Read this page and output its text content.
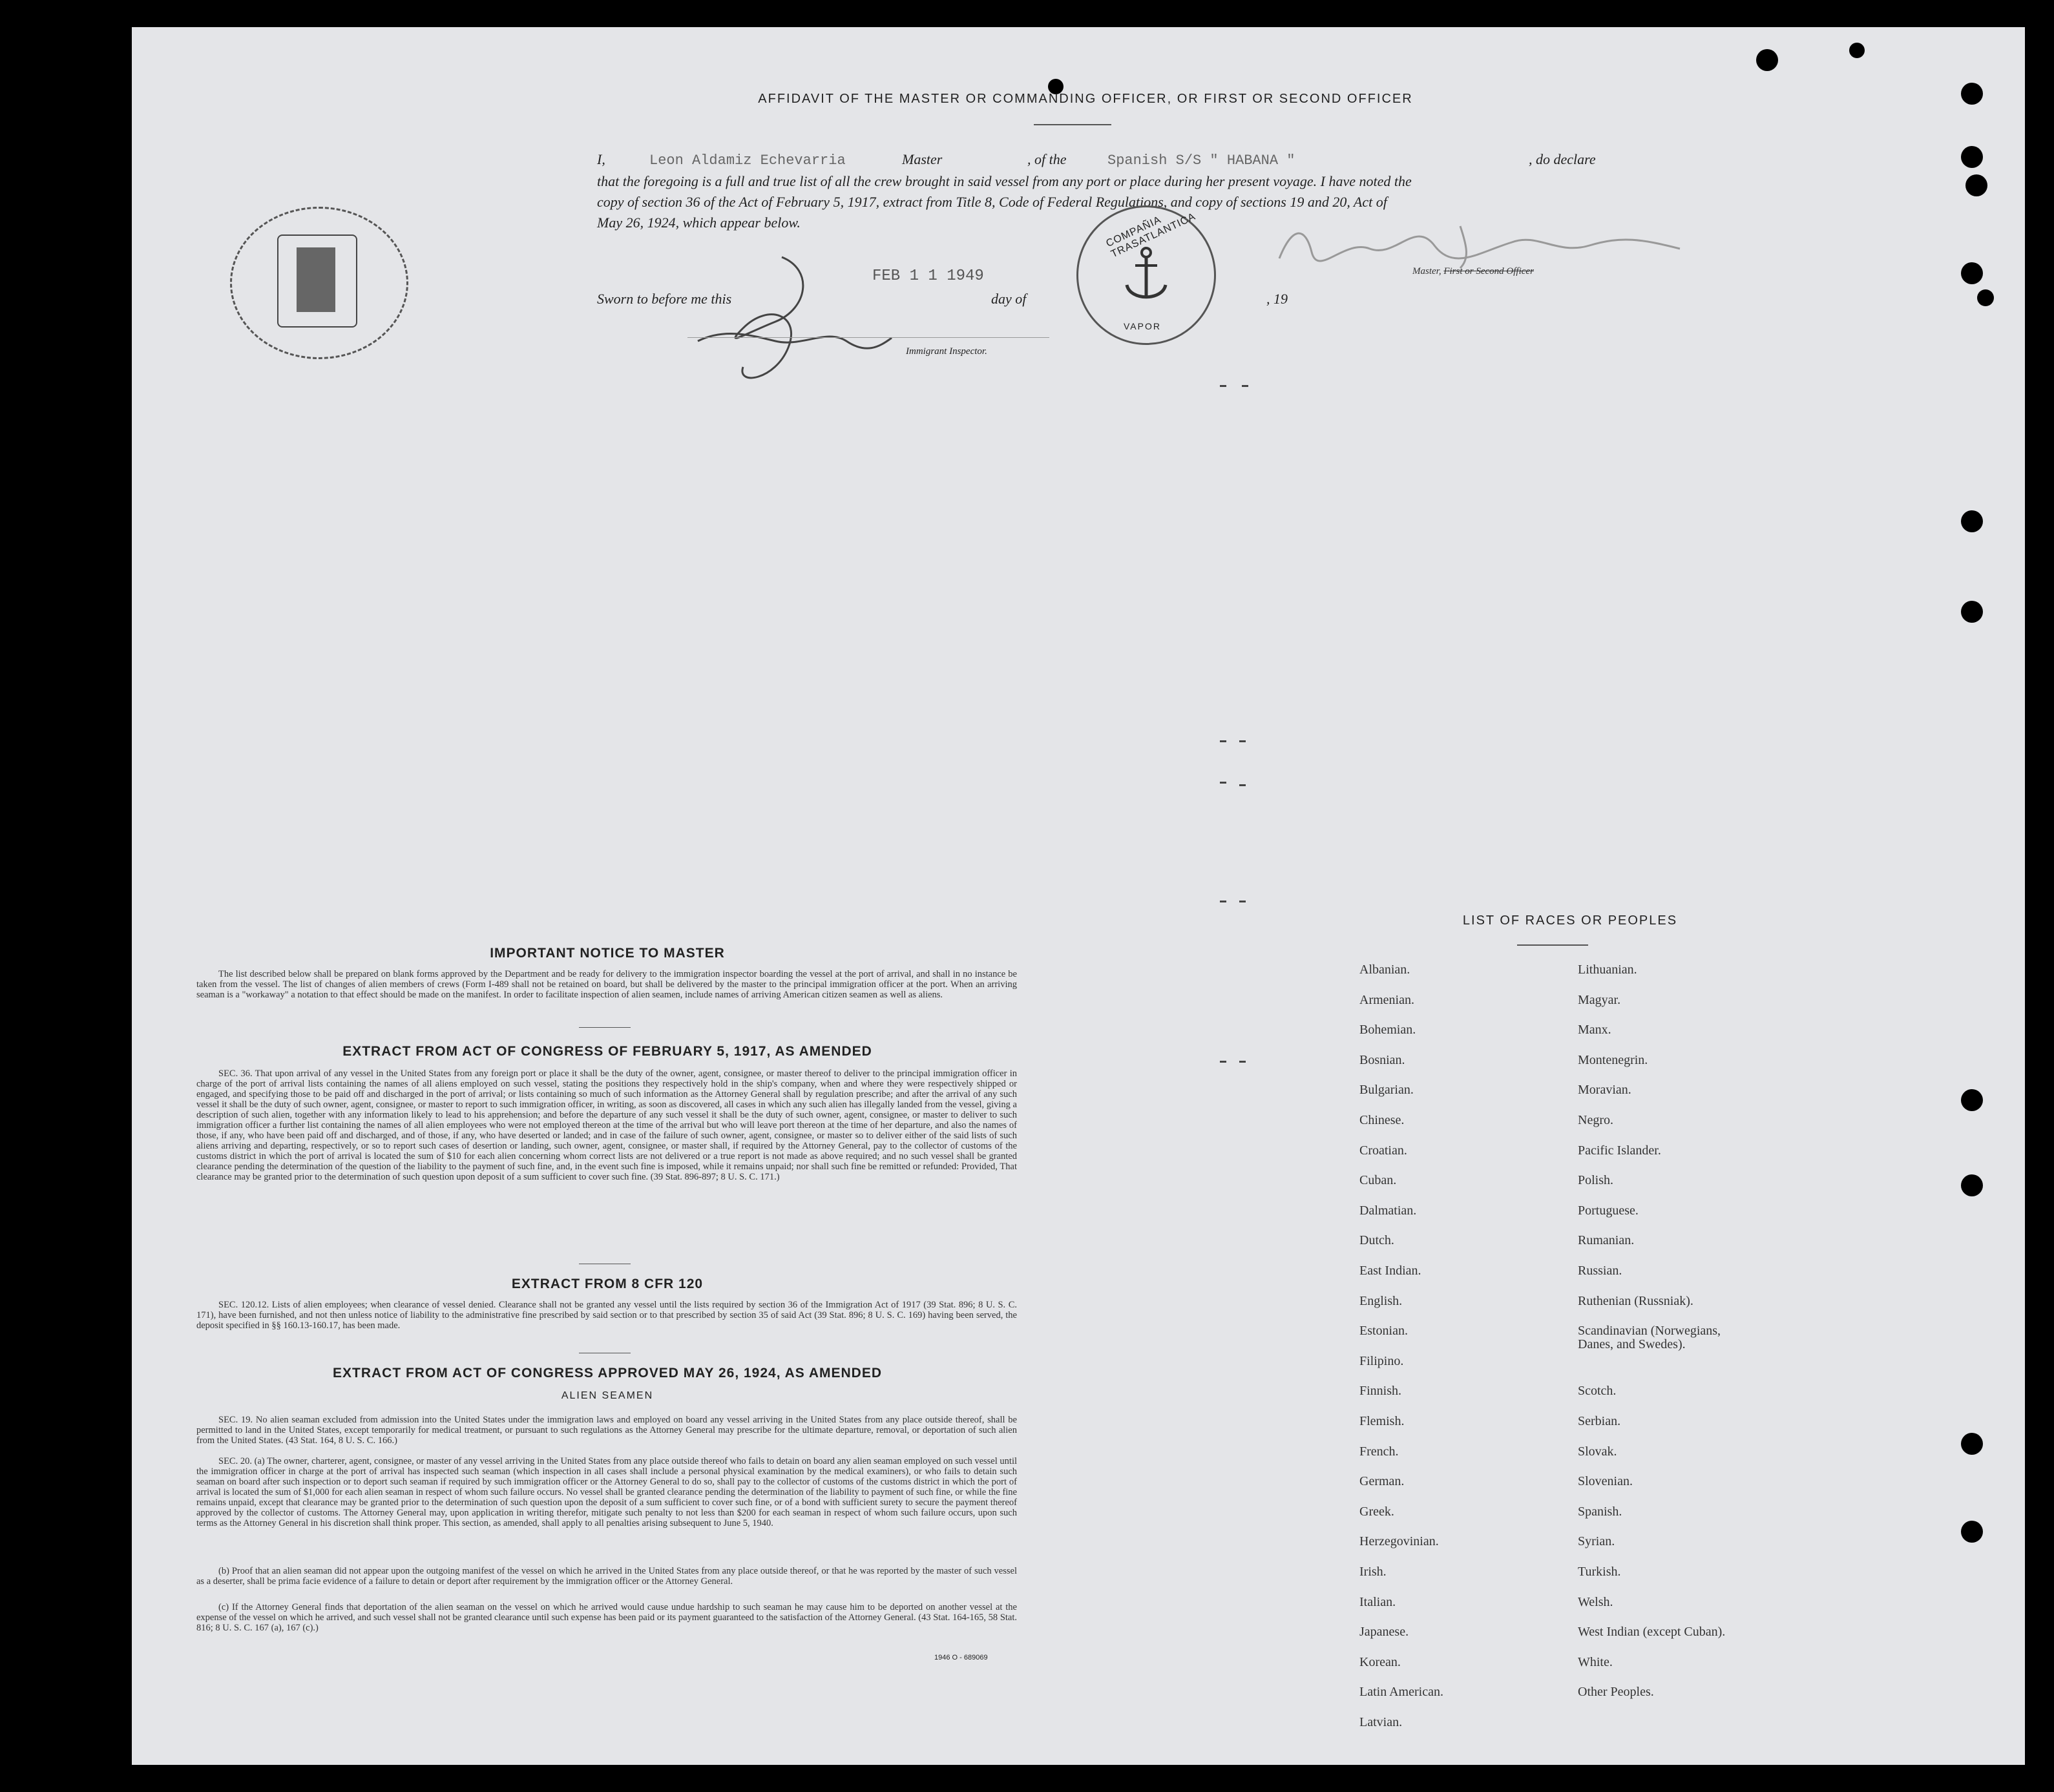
AFFIDAVIT OF THE MASTER OR COMMANDING OFFICER, OR FIRST OR SECOND OFFICER
I,	Leon Aldamiz Echevarria	Master	, of the	Spanish S/S " HABANA "	, do declare
that the foregoing is a full and true list of all the crew brought in said vessel from any port or place during her present voyage. I have noted the
copy of section 36 of the Act of February 5, 1917, extract from Title 8, Code of Federal Regulations, and copy of sections 19 and 20, Act of
May 26, 1924, which appear below.
Master, First or Second Officer
Sworn to before me this
FEB 1 1 1949
day of	, 19
Immigrant Inspector.
COMPAÑIA TRASATLANTICA
VAPOR
IMPORTANT NOTICE TO MASTER
The list described below shall be prepared on blank forms approved by the Department and be ready for delivery to the immigration inspector boarding the vessel at the port of arrival, and shall in no instance be taken from the vessel. The list of changes of alien members of crews (Form I-489 shall not be retained on board, but shall be delivered by the master to the principal immigration officer at the port. When an arriving seaman is a "workaway" a notation to that effect should be made on the manifest. In order to facilitate inspection of alien seamen, include names of arriving American citizen seamen as well as aliens.
EXTRACT FROM ACT OF CONGRESS OF FEBRUARY 5, 1917, AS AMENDED
SEC. 36. That upon arrival of any vessel in the United States from any foreign port or place it shall be the duty of the owner, agent, consignee, or master thereof to deliver to the principal immigration officer in charge of the port of arrival lists containing the names of all aliens employed on such vessel, stating the positions they respectively hold in the ship's company, when and where they were respectively shipped or engaged, and specifying those to be paid off and discharged in the port of arrival; or lists containing so much of such information as the Attorney General shall by regulation prescribe; and after the arrival of any such vessel it shall be the duty of such owner, agent, consignee, or master to report to such immigration officer, in writing, as soon as discovered, all cases in which any such alien has illegally landed from the vessel, giving a description of such alien, together with any information likely to lead to his apprehension; and before the departure of any such vessel it shall be the duty of such owner, agent, consignee, or master to deliver to such immigration officer a further list containing the names of all alien employees who were not employed thereon at the time of the arrival but who will leave port thereon at the time of her departure, and also the names of those, if any, who have been paid off and discharged, and of those, if any, who have deserted or landed; and in case of the failure of such owner, agent, consignee, or master so to deliver either of the said lists of such aliens arriving and departing, respectively, or so to report such cases of desertion or landing, such owner, agent, consignee, or master shall, if required by the Attorney General, pay to the collector of customs of the customs district in which the port of arrival is located the sum of $10 for each alien concerning whom correct lists are not delivered or a true report is not made as above required; and no such vessel shall be granted clearance pending the determination of the question of the liability to the payment of such fine, and, in the event such fine is imposed, while it remains unpaid; nor shall such fine be remitted or refunded: Provided, That clearance may be granted prior to the determination of such question upon deposit of a sum sufficient to cover such fine. (39 Stat. 896-897; 8 U. S. C. 171.)
EXTRACT FROM 8 CFR 120
SEC. 120.12. Lists of alien employees; when clearance of vessel denied. Clearance shall not be granted any vessel until the lists required by section 36 of the Immigration Act of 1917 (39 Stat. 896; 8 U. S. C. 171), have been furnished, and not then unless notice of liability to the administrative fine prescribed by said section or to that prescribed by section 35 of said Act (39 Stat. 896; 8 U. S. C. 169) having been served, the deposit specified in §§ 160.13-160.17, has been made.
EXTRACT FROM ACT OF CONGRESS APPROVED MAY 26, 1924, AS AMENDED
ALIEN SEAMEN
SEC. 19. No alien seaman excluded from admission into the United States under the immigration laws and employed on board any vessel arriving in the United States from any place outside thereof, shall be permitted to land in the United States, except temporarily for medical treatment, or pursuant to such regulations as the Attorney General may prescribe for the ultimate departure, removal, or deportation of such alien from the United States. (43 Stat. 164, 8 U. S. C. 166.)
SEC. 20. (a) The owner, charterer, agent, consignee, or master of any vessel arriving in the United States from any place outside thereof who fails to detain on board any alien seaman employed on such vessel until the immigration officer in charge at the port of arrival has inspected such seaman (which inspection in all cases shall include a personal physical examination by the medical examiners), or who fails to detain such seaman on board after such inspection or to deport such seaman if required by such immigration officer or the Attorney General to do so, shall pay to the collector of customs of the customs district in which the port of arrival is located the sum of $1,000 for each alien seaman in respect of whom such failure occurs. No vessel shall be granted clearance pending the determination of the liability to payment of such fine, or while the fine remains unpaid, except that clearance may be granted prior to the determination of such question upon the deposit of a sum sufficient to cover such fine, or of a bond with sufficient surety to secure the payment thereof approved by the collector of customs. The Attorney General may, upon application in writing therefor, mitigate such penalty to not less than $200 for each seaman in respect of whom such failure occurs, upon such terms as the Attorney General in his discretion shall think proper. This section, as amended, shall apply to all penalties arising subsequent to June 5, 1940.
(b) Proof that an alien seaman did not appear upon the outgoing manifest of the vessel on which he arrived in the United States from any place outside thereof, or that he was reported by the master of such vessel as a deserter, shall be prima facie evidence of a failure to detain or deport after requirement by the immigration officer or the Attorney General.
(c) If the Attorney General finds that deportation of the alien seaman on the vessel on which he arrived would cause undue hardship to such seaman he may cause him to be deported on another vessel at the expense of the vessel on which he arrived, and such vessel shall not be granted clearance until such expense has been paid or its payment guaranteed to the satisfaction of the Attorney General. (43 Stat. 164-165, 58 Stat. 816; 8 U. S. C. 167 (a), 167 (c).)
1946 O - 689069
LIST OF RACES OR PEOPLES
Albanian.
Armenian.
Bohemian.
Bosnian.
Bulgarian.
Chinese.
Croatian.
Cuban.
Dalmatian.
Dutch.
East Indian.
English.
Estonian.
Filipino.
Finnish.
Flemish.
French.
German.
Greek.
Herzegovinian.
Irish.
Italian.
Japanese.
Korean.
Latin American.
Latvian.
Lithuanian.
Magyar.
Manx.
Montenegrin.
Moravian.
Negro.
Pacific Islander.
Polish.
Portuguese.
Rumanian.
Russian.
Ruthenian (Russniak).
Scandinavian (Norwegians,
Scotch.
Serbian.
Slovak.
Slovenian.
Spanish.
Syrian.
Turkish.
Welsh.
West Indian (except Cuban).
White.
Other Peoples.
Danes, and Swedes).
